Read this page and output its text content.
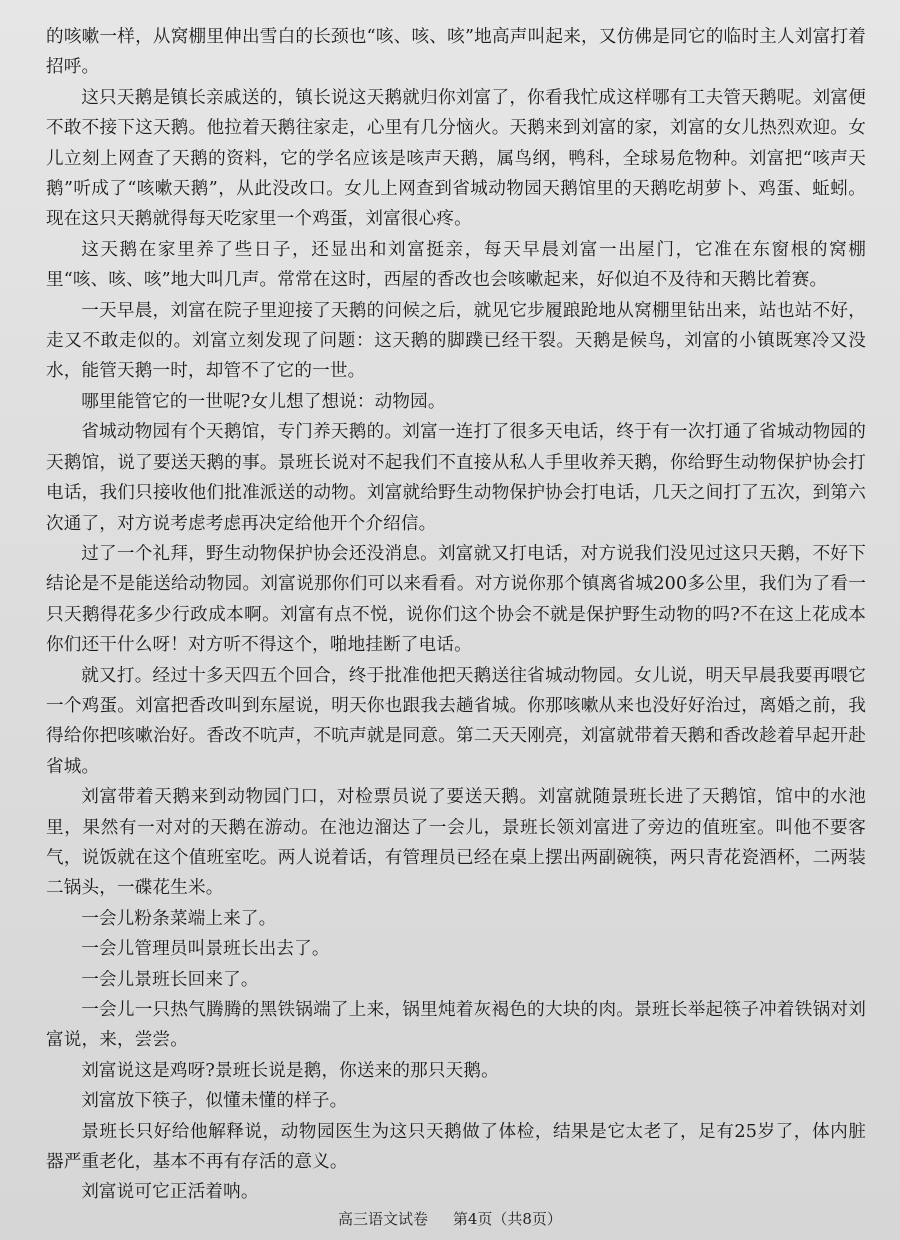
的咳嗽一样，从窝棚里伸出雪白的长颈也“咳、咳、咳”地高声叫起来，又仿佛是同它的临时主人刘富打着招呼。

这只天鹅是镇长亲戚送的，镇长说这天鹅就归你刘富了，你看我忙成这样哪有工夫管天鹅呢。刘富便不敢不接下这天鹅。他拉着天鹅往家走，心里有几分恼火。天鹅来到刘富的家，刘富的女儿热烈欢迎。女儿立刻上网查了天鹅的资料，它的学名应该是咳声天鹅，属鸟纲，鸭科，全球易危物种。刘富把“咳声天鹅”听成了“咳嗽天鹅”，从此没改口。女儿上网查到省城动物园天鹅馆里的天鹅吃胡萝卜、鸡蛋、蚯蚓。现在这只天鹅就得每天吃家里一个鸡蛋，刘富很心疼。

这天鹅在家里养了些日子，还显出和刘富挺亲，每天早晨刘富一出屋门，它准在东窗根的窝棚里“咳、咳、咳”地大叫几声。常常在这时，西屋的香改也会咳嗽起来，好似迫不及待和天鹅比着赛。

一天早晨，刘富在院子里迎接了天鹅的问候之后，就见它步履踉跄地从窝棚里钻出来，站也站不好，走又不敢走似的。刘富立刻发现了问题：这天鹅的脚蹼已经干裂。天鹅是候鸟，刘富的小镇既寒冷又没水，能管天鹅一时，却管不了它的一世。

哪里能管它的一世呢?女儿想了想说：动物园。

省城动物园有个天鹅馆，专门养天鹅的。刘富一连打了很多天电话，终于有一次打通了省城动物园的天鹅馆，说了要送天鹅的事。景班长说对不起我们不直接从私人手里收养天鹅，你给野生动物保护协会打电话，我们只接收他们批准派送的动物。刘富就给野生动物保护协会打电话，几天之间打了五次，到第六次通了，对方说考虑考虑再决定给他开个介绍信。

过了一个礼拜，野生动物保护协会还没消息。刘富就又打电话，对方说我们没见过这只天鹅，不好下结论是不是能送给动物园。刘富说那你们可以来看看。对方说你那个镇离省城200多公里，我们为了看一只天鹅得花多少行政成本啊。刘富有点不悦，说你们这个协会不就是保护野生动物的吗?不在这上花成本你们还干什么呀！对方听不得这个，啪地挂断了电话。

就又打。经过十多天四五个回合，终于批准他把天鹅送往省城动物园。女儿说，明天早晨我要再喂它一个鸡蛋。刘富把香改叫到东屋说，明天你也跟我去趟省城。你那咳嗽从来也没好好治过，离婚之前，我得给你把咳嗽治好。香改不吭声，不吭声就是同意。第二天天刚亮，刘富就带着天鹅和香改趁着早起开赴省城。

刘富带着天鹅来到动物园门口，对检票员说了要送天鹅。刘富就随景班长进了天鹅馆，馆中的水池里，果然有一对对的天鹅在游动。在池边溜达了一会儿，景班长领刘富进了旁边的值班室。叫他不要客气，说饭就在这个值班室吃。两人说着话，有管理员已经在桌上摆出两副碗筷，两只青花瓷酒杯，二两装二锅头，一碟花生米。

一会儿粉条菜端上来了。

一会儿管理员叫景班长出去了。

一会儿景班长回来了。

一会儿一只热气腾腾的黑铁锅端了上来，锅里炖着灰褐色的大块的肉。景班长举起筷子冲着铁锅对刘富说，来，尝尝。

刘富说这是鸡呀?景班长说是鹅，你送来的那只天鹅。

刘富放下筷子，似懂未懂的样子。

景班长只好给他解释说，动物园医生为这只天鹅做了体检，结果是它太老了，足有25岁了，体内脏器严重老化，基本不再有存活的意义。

刘富说可它正活着呐。

高三语文试卷 第4页（共8页）
